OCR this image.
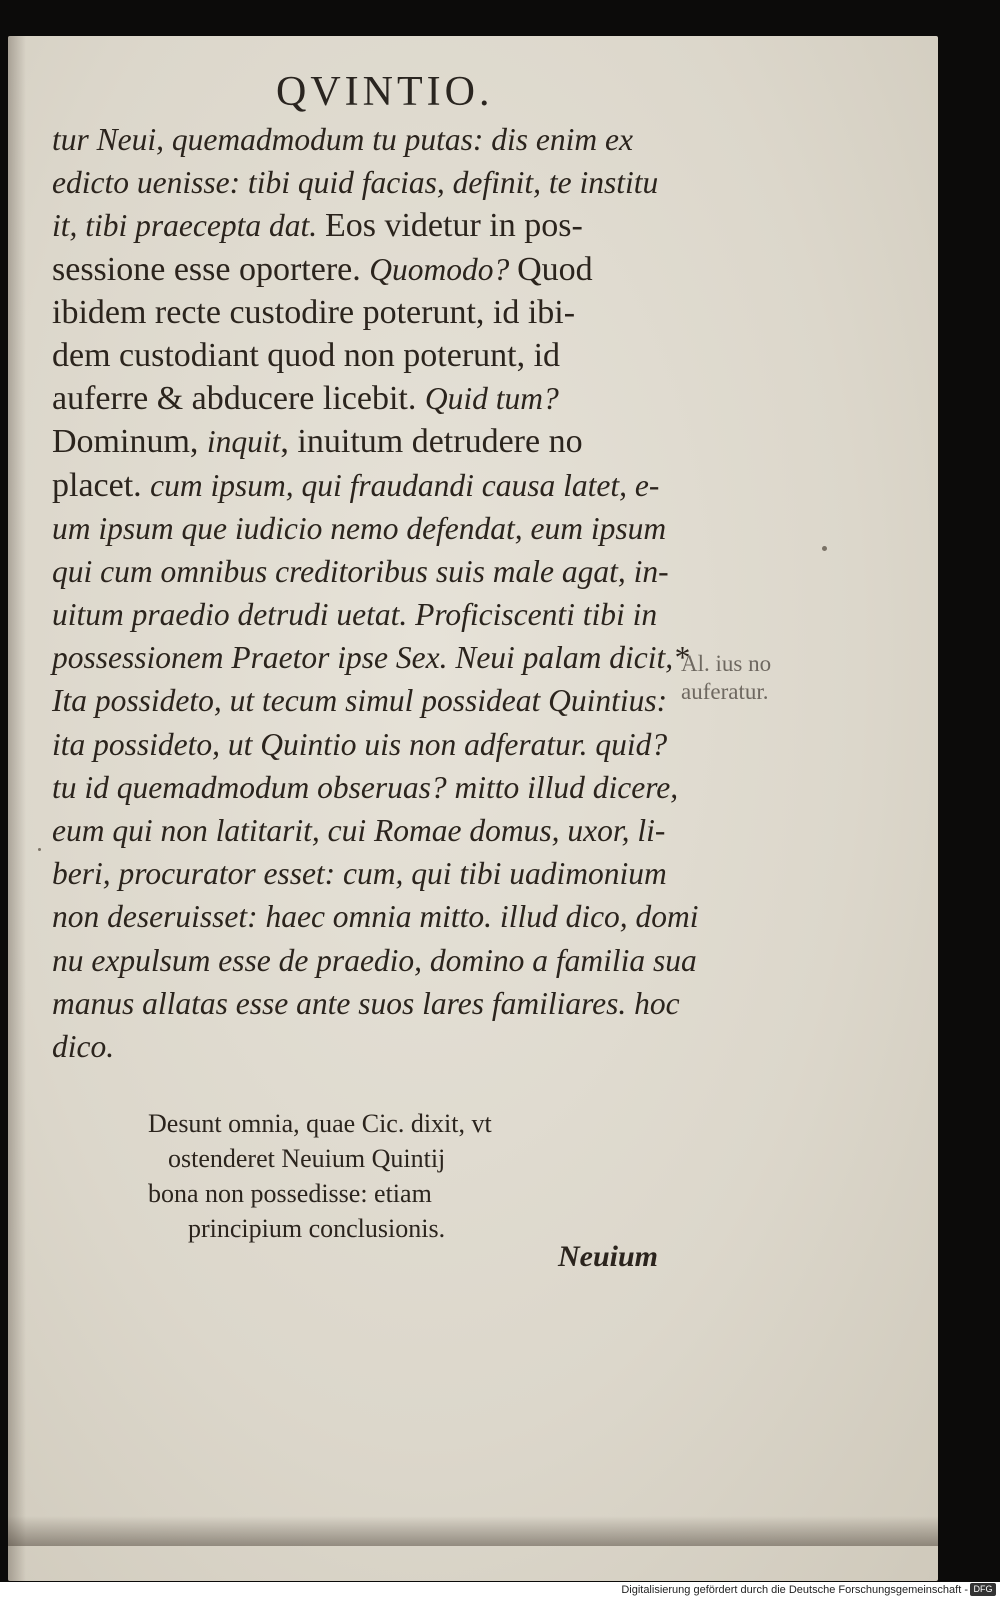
QVINTIO.
tur Neui, quemadmodum tu putas: dis enim ex
edicto uenisse: tibi quid facias, definit, te institu
it, tibi praecepta dat. Eos videtur in pos-
sessione esse oportere. Quomodo? Quod
ibidem recte custodire poterunt, id ibi-
dem custodiant quod non poterunt, id
auferre & abducere licebit. Quid tum?
Dominum, inquit, inuitum detrudere no
placet. cum ipsum, qui fraudandi causa latet, e-
um ipsum que iudicio nemo defendat, eum ipsum
qui cum omnibus creditoribus suis male agat, in-
uitum praedio detrudi uetat. Proficiscenti tibi in
possessionem Praetor ipse Sex. Neui palam dicit,*
Ita possideto, ut tecum simul possideat Quintius:
ita possideto, ut Quintio uis non adferatur. quid?
tu id quemadmodum obseruas? mitto illud dicere,
eum qui non latitarit, cui Romae domus, uxor, li-
beri, procurator esset: cum, qui tibi uadimonium
non deseruisset: haec omnia mitto. illud dico, domi
nu expulsum esse de praedio, domino a familia sua
manus allatas esse ante suos lares familiares. hoc
dico.
Al. ius no
auferatur.
Desunt omnia, quae Cic. dixit, vt
ostenderet Neuium Quintij
bona non possedisse: etiam
principium conclusionis.
Neuium
Digitalisierung gefördert durch die Deutsche Forschungsgemeinschaft - DFG
